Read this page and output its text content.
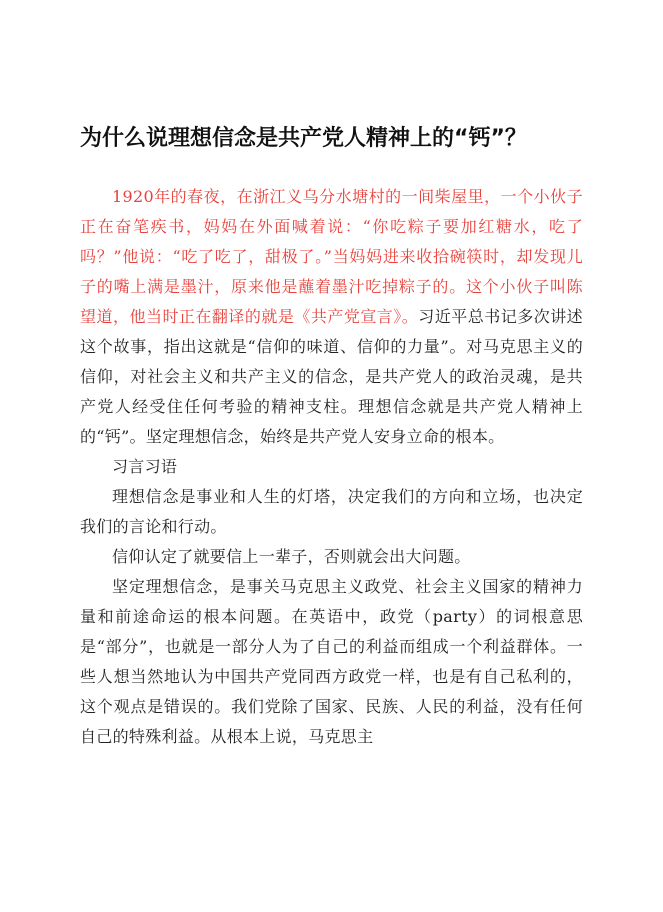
为什么说理想信念是共产党人精神上的“钙”？

1920年的春夜，在浙江义乌分水塘村的一间柴屋里，一个小伙子正在奋笔疾书，妈妈在外面喊着说：“你吃粽子要加红糖水，吃了吗？”他说：“吃了吃了，甜极了。”当妈妈进来收拾碗筷时，却发现儿子的嘴上满是墨汁，原来他是蘸着墨汁吃掉粽子的。这个小伙子叫陈望道，他当时正在翻译的就是《共产党宣言》。习近平总书记多次讲述这个故事，指出这就是“信仰的味道、信仰的力量”。对马克思主义的信仰，对社会主义和共产主义的信念，是共产党人的政治灵魂，是共产党人经受住任何考验的精神支柱。理想信念就是共产党人精神上的“钙”。坚定理想信念，始终是共产党人安身立命的根本。

习言习语

理想信念是事业和人生的灯塔，决定我们的方向和立场，也决定我们的言论和行动。

信仰认定了就要信上一辈子，否则就会出大问题。

坚定理想信念，是事关马克思主义政党、社会主义国家的精神力量和前途命运的根本问题。在英语中，政党（party）的词根意思是“部分”，也就是一部分人为了自己的利益而组成一个利益群体。一些人想当然地认为中国共产党同西方政党一样，也是有自己私利的，这个观点是错误的。我们党除了国家、民族、人民的利益，没有任何自己的特殊利益。从根本上说，马克思主
